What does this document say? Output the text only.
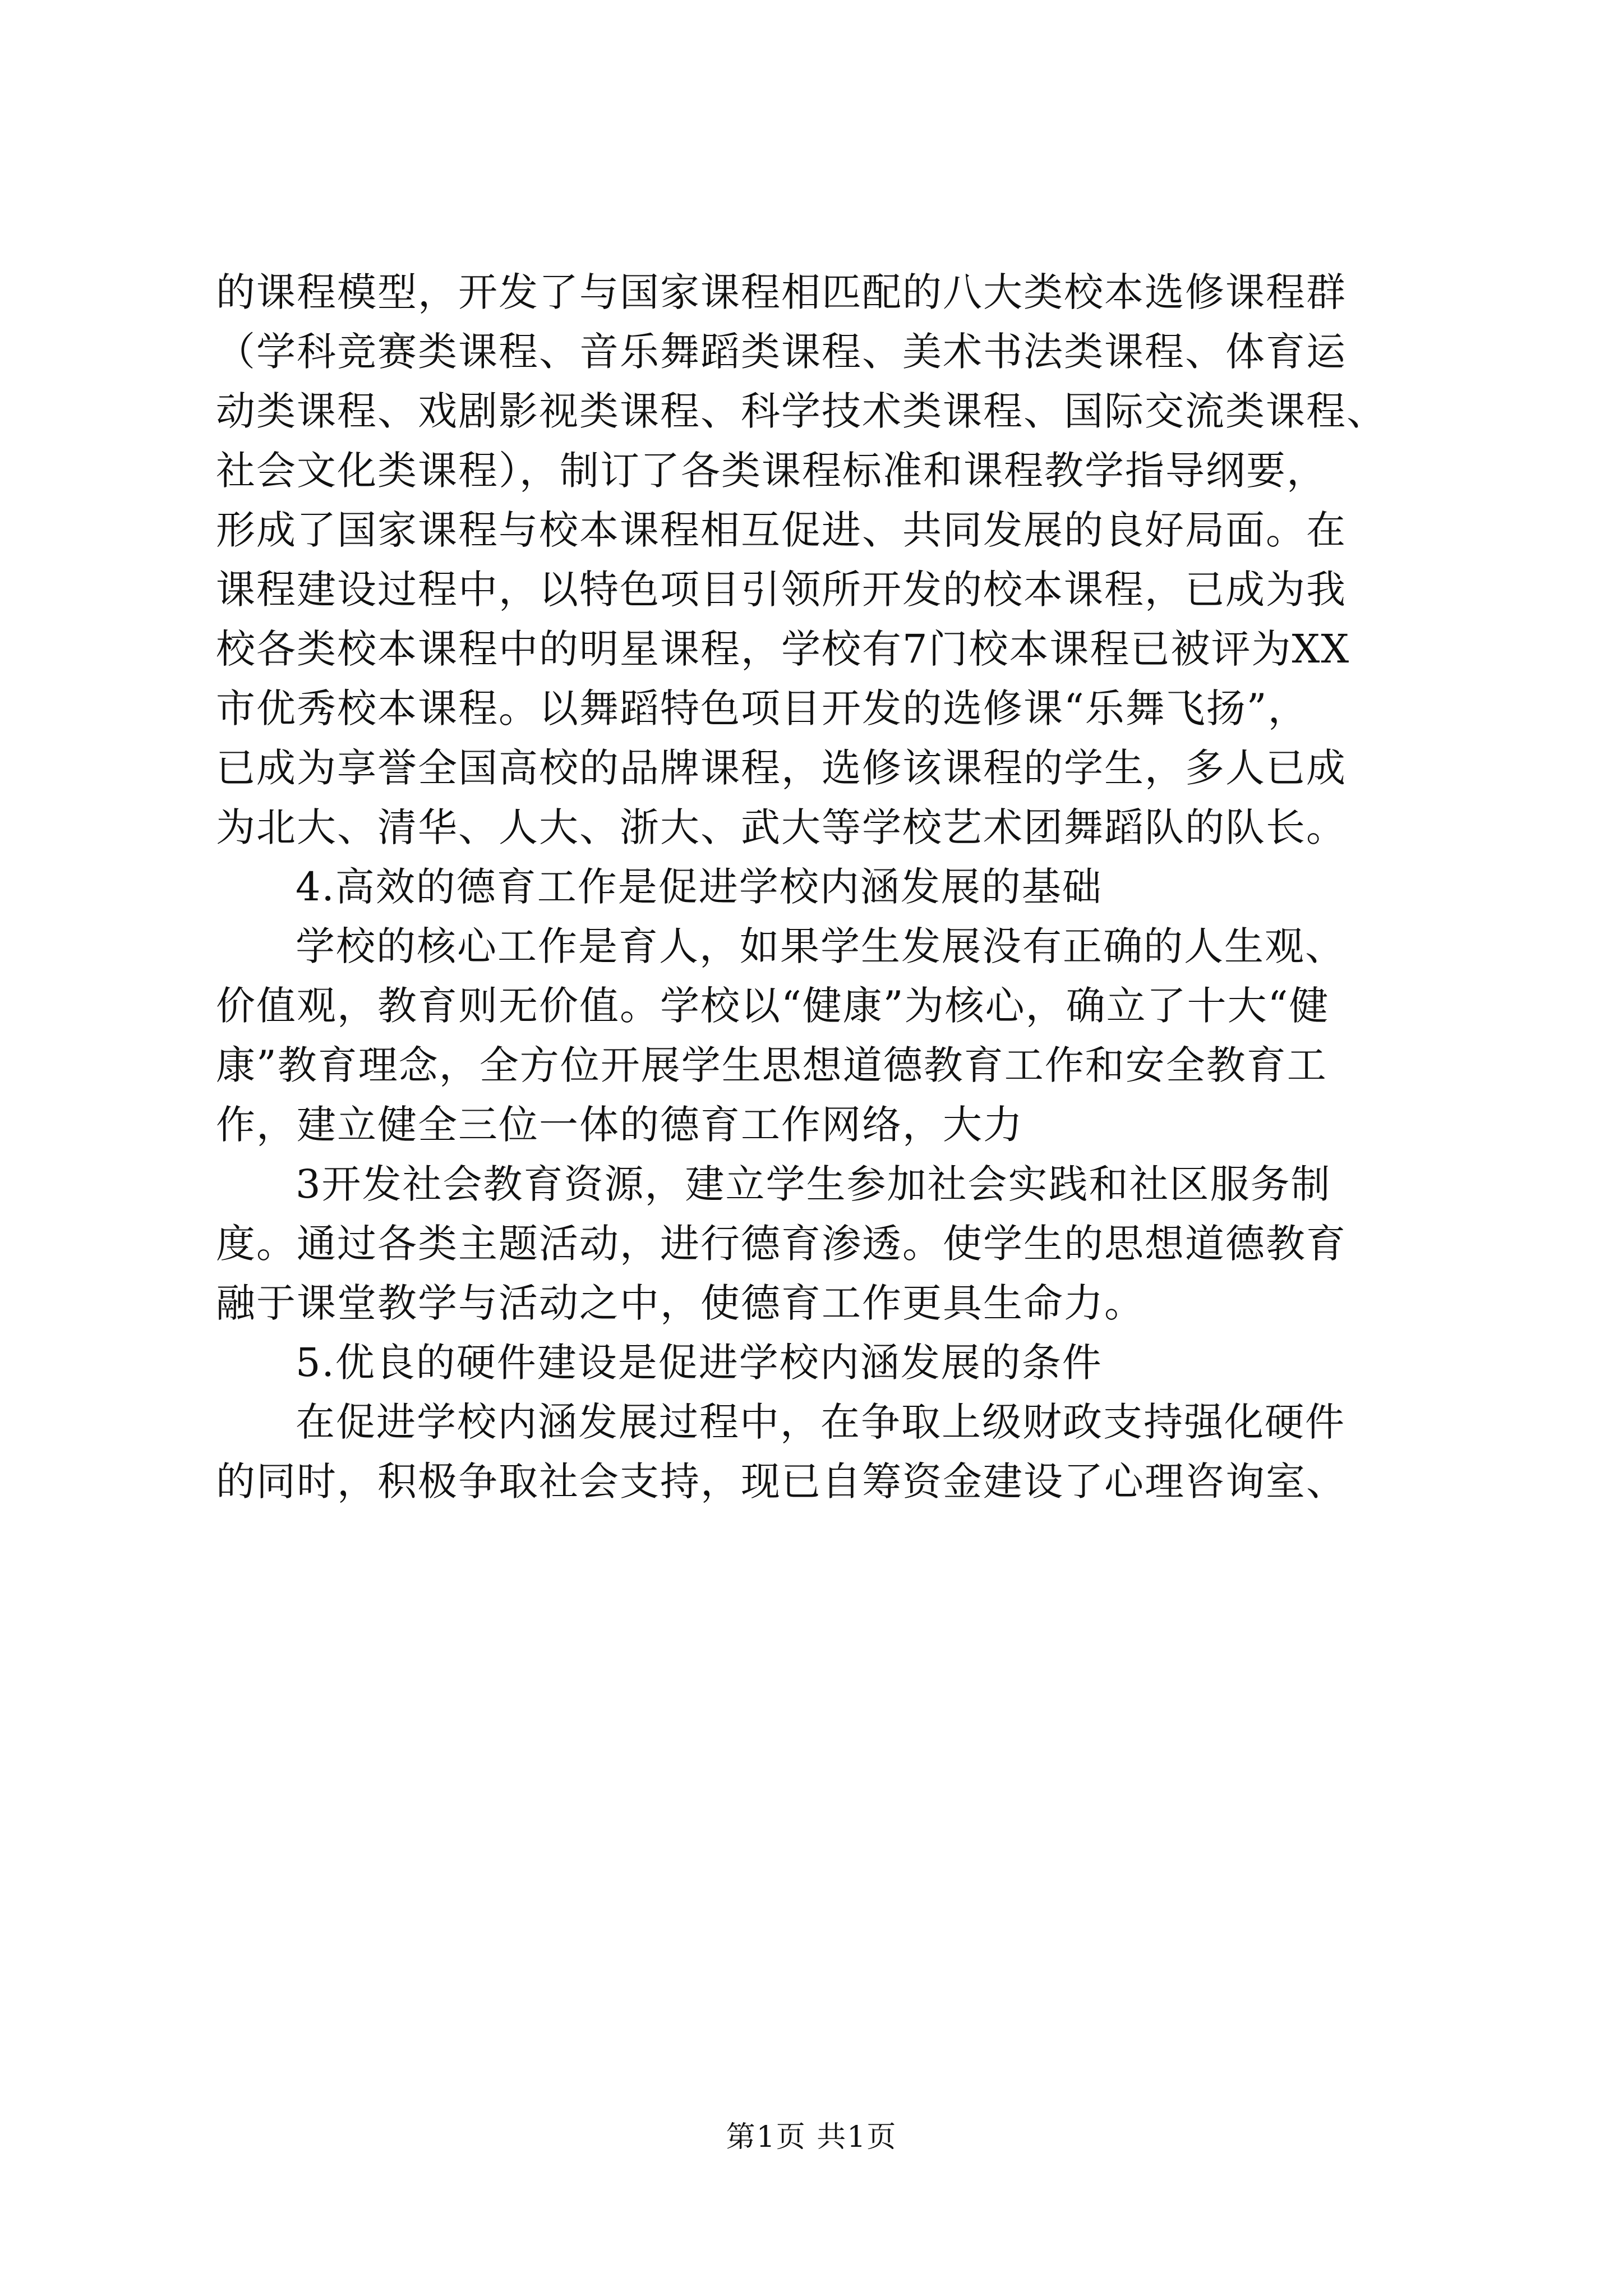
的课程模型，开发了与国家课程相匹配的八大类校本选修课程群
（学科竞赛类课程、音乐舞蹈类课程、美术书法类课程、体育运
动类课程、戏剧影视类课程、科学技术类课程、国际交流类课程、
社会文化类课程），制订了各类课程标准和课程教学指导纲要，
形成了国家课程与校本课程相互促进、共同发展的良好局面。在
课程建设过程中，以特色项目引领所开发的校本课程，已成为我
校各类校本课程中的明星课程，学校有7门校本课程已被评为XX
市优秀校本课程。以舞蹈特色项目开发的选修课“乐舞飞扬”，
已成为享誉全国高校的品牌课程，选修该课程的学生，多人已成
为北大、清华、人大、浙大、武大等学校艺术团舞蹈队的队长。
4.高效的德育工作是促进学校内涵发展的基础
学校的核心工作是育人，如果学生发展没有正确的人生观、
价值观，教育则无价值。学校以“健康”为核心，确立了十大“健
康”教育理念，全方位开展学生思想道德教育工作和安全教育工
作，建立健全三位一体的德育工作网络，大力
3开发社会教育资源，建立学生参加社会实践和社区服务制
度。通过各类主题活动，进行德育渗透。使学生的思想道德教育
融于课堂教学与活动之中，使德育工作更具生命力。
5.优良的硬件建设是促进学校内涵发展的条件
在促进学校内涵发展过程中，在争取上级财政支持强化硬件
的同时，积极争取社会支持，现已自筹资金建设了心理咨询室、
第1页 共1页
